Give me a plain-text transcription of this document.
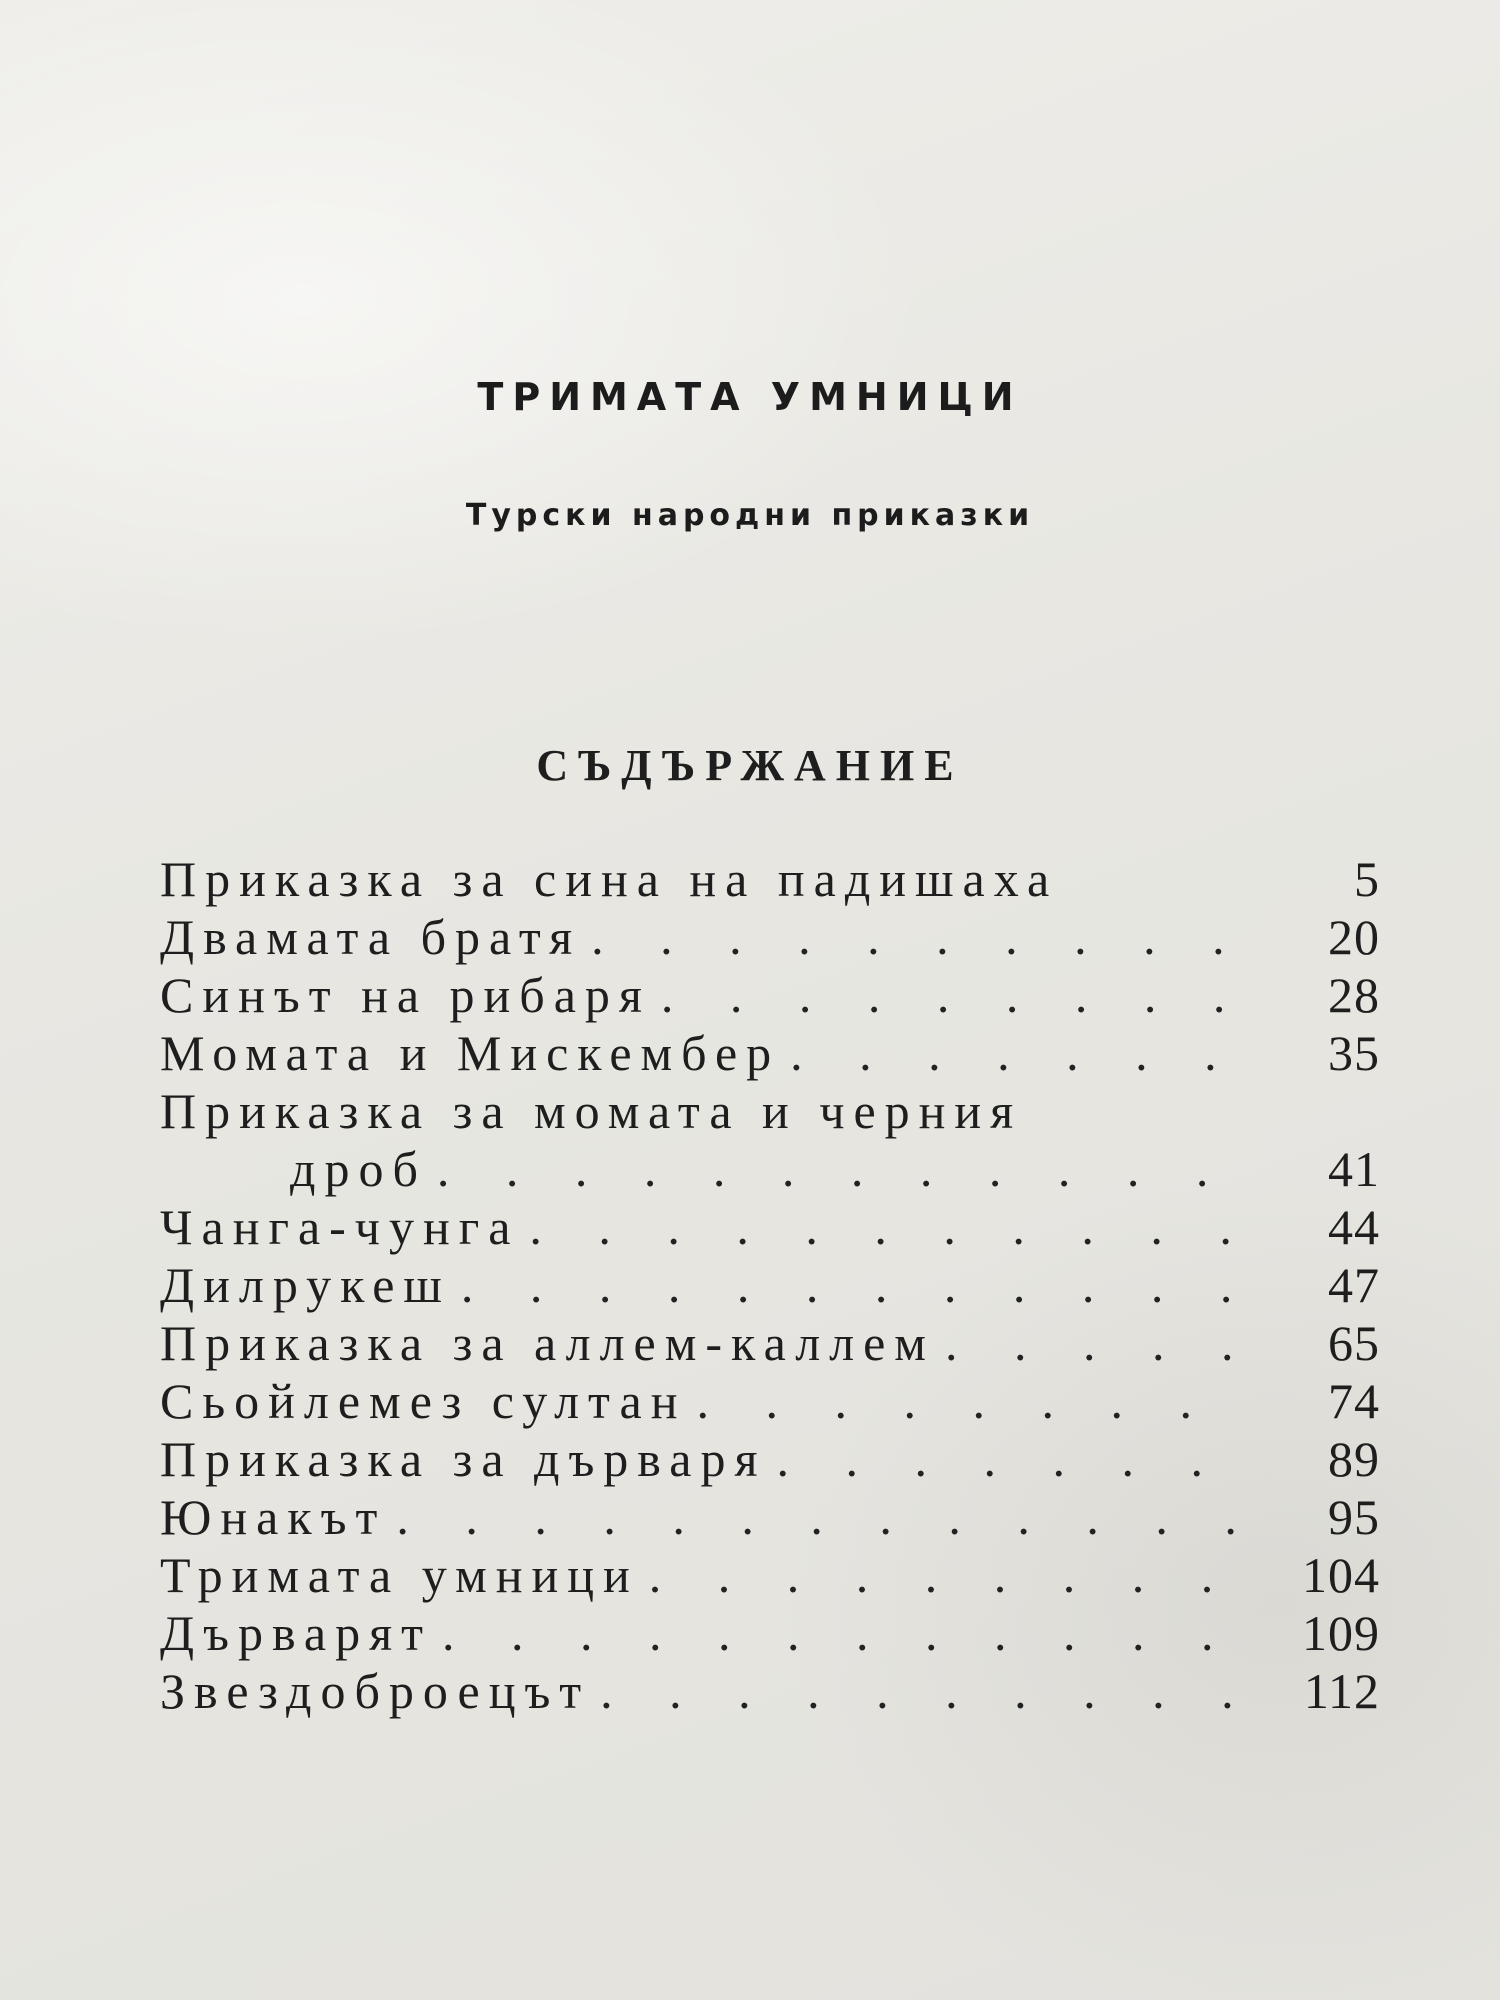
ТРИМАТА УМНИЦИ
Турски народни приказки
СЪДЪРЖАНИЕ
Приказка за сина на падишаха	5
Двамата братя . . .	20
Синът на рибаря . . .	28
Момата и Мискембер . . .	35
Приказка за момата и черния
дроб . . .	41
Чанга-чунга . . .	44
Дилрукеш . . .	47
Приказка за аллем-каллем . . .	65
Сьойлемез султан . . .	74
Приказка за дърваря . . .	89
Юнакът . . .	95
Тримата умници . . .	104
Дърварят . . .	109
Звездоброецът . . .	112
